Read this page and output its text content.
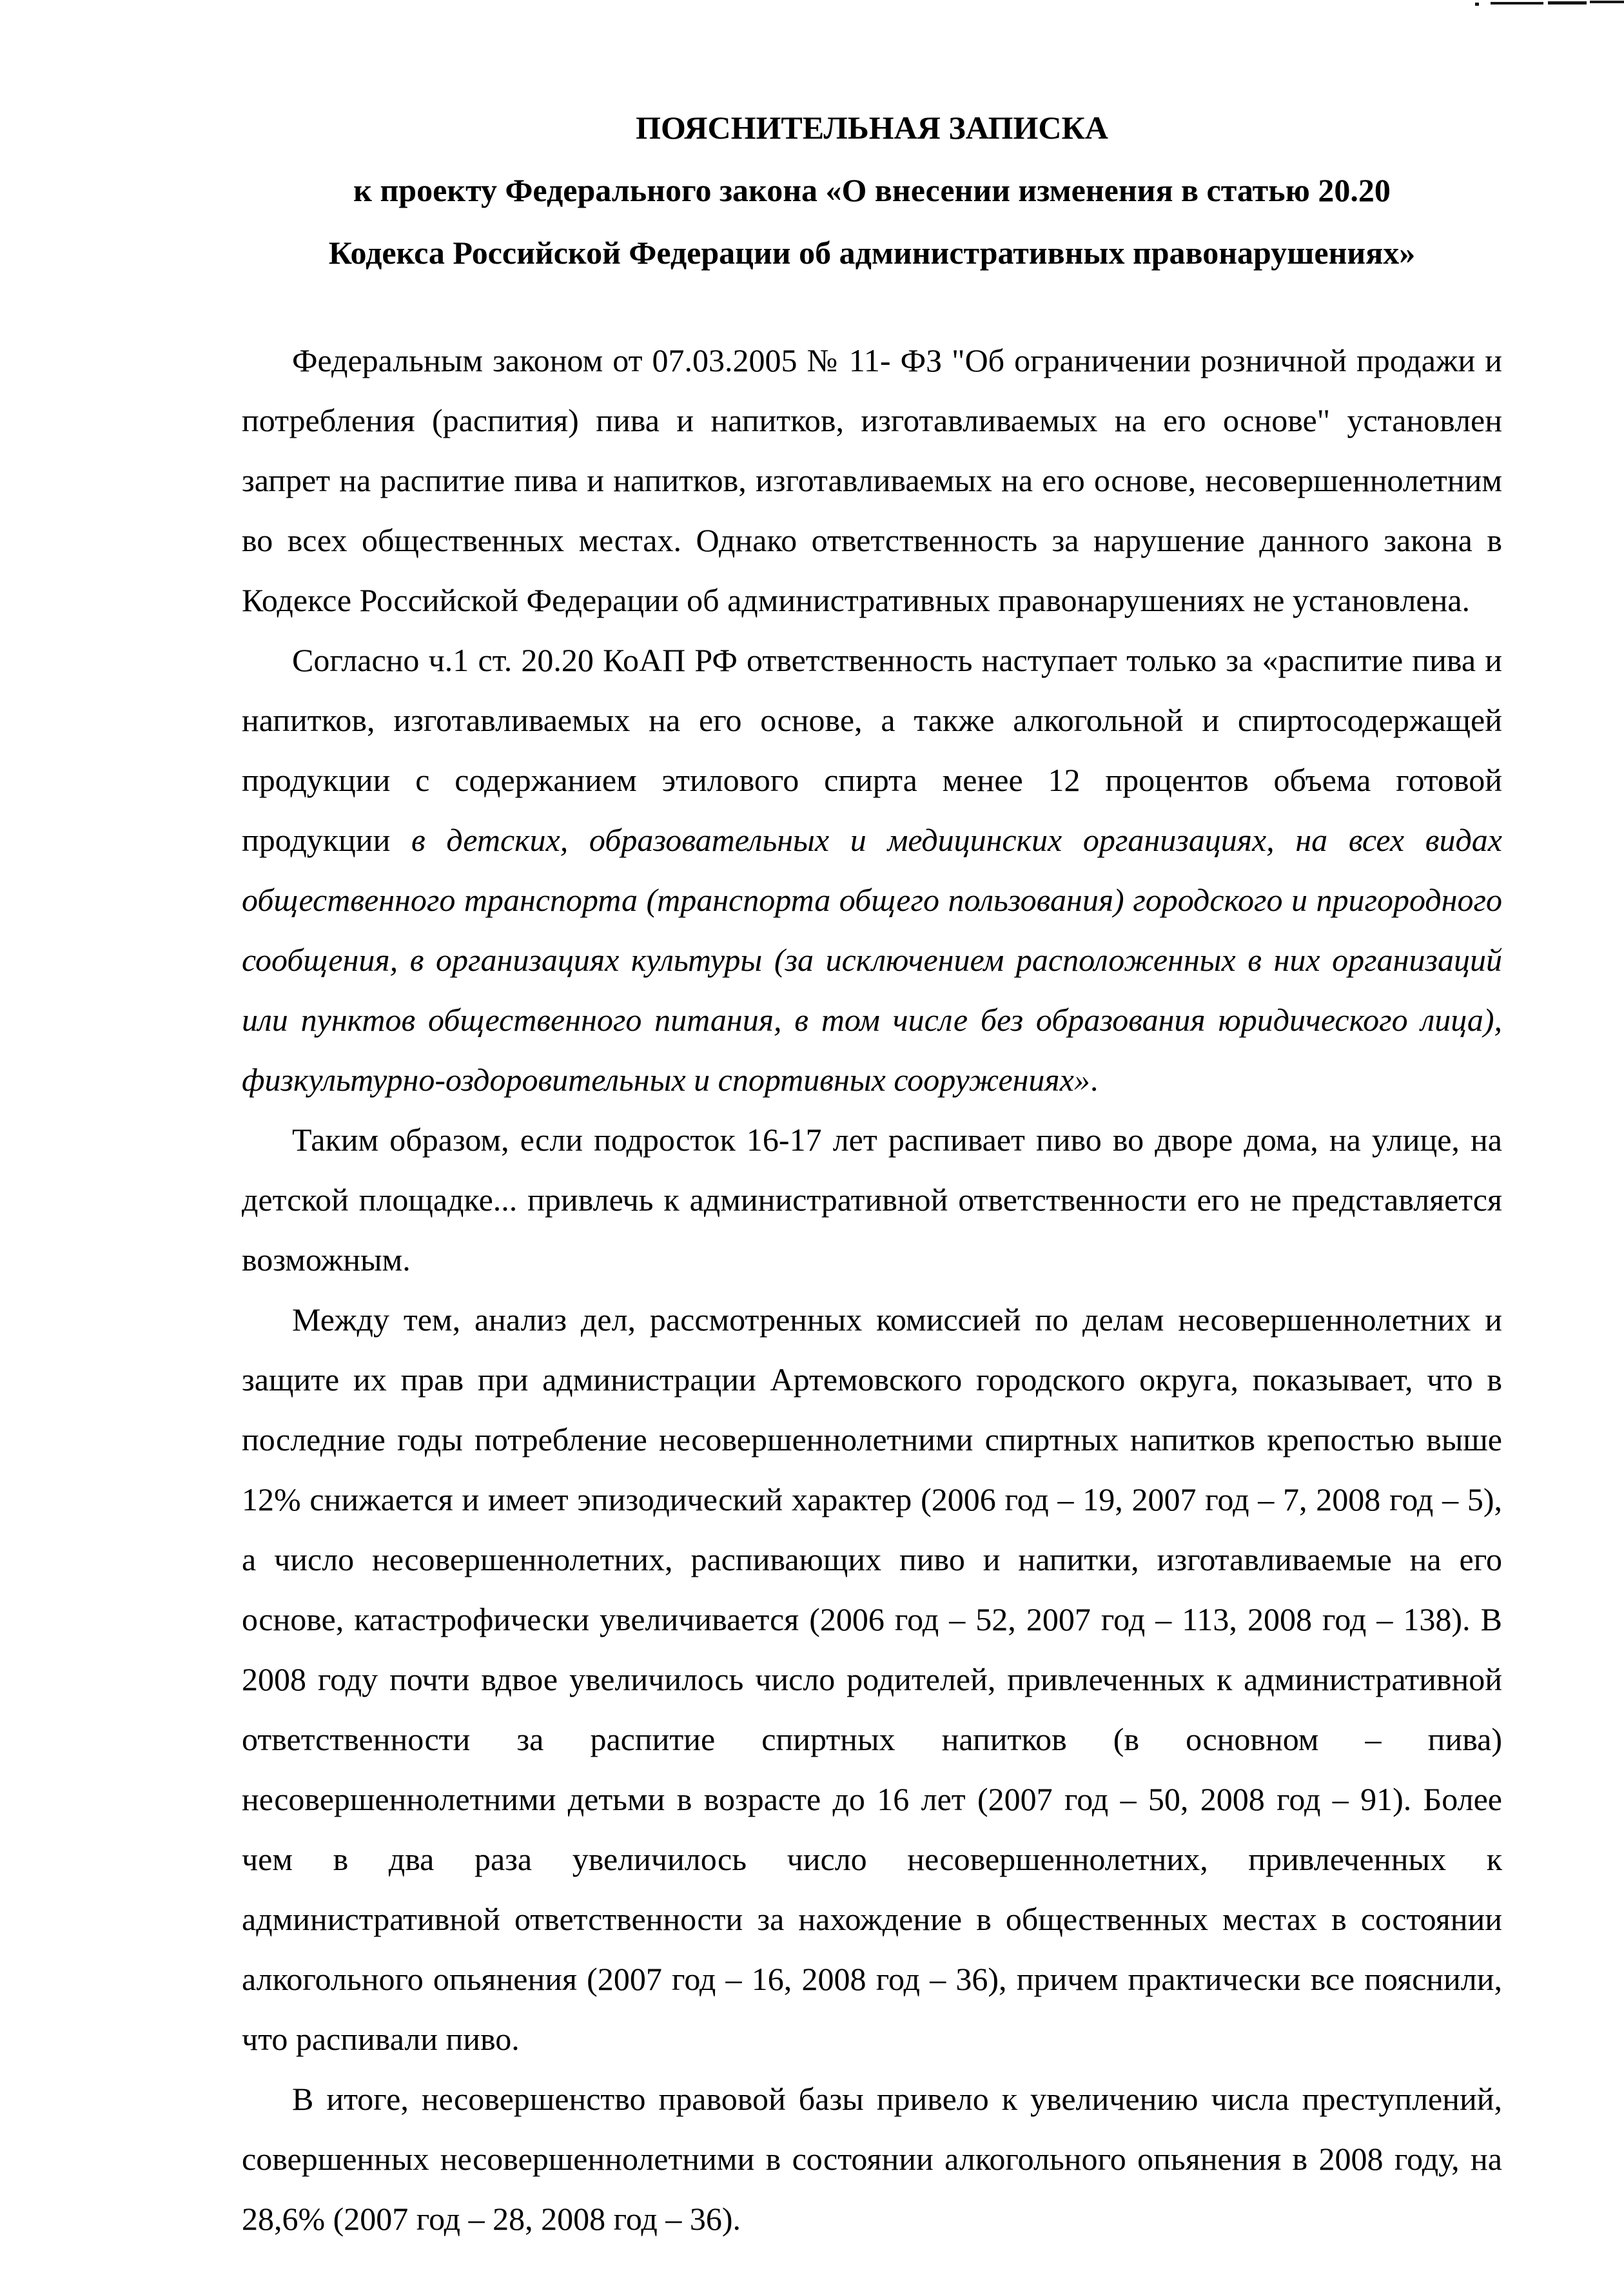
ПОЯСНИТЕЛЬНАЯ ЗАПИСКА
к проекту Федерального закона «О внесении изменения в статью 20.20
Кодекса Российской Федерации об административных правонарушениях»

Федеральным законом от 07.03.2005 № 11- ФЗ "Об ограничении розничной продажи и потребления (распития) пива и напитков, изготавливаемых на его основе" установлен запрет на распитие пива и напитков, изготавливаемых на его основе, несовершеннолетним во всех общественных местах. Однако ответственность за нарушение данного закона в Кодексе Российской Федерации об административных правонарушениях не установлена.

Согласно ч.1 ст. 20.20 КоАП РФ ответственность наступает только за «распитие пива и напитков, изготавливаемых на его основе, а также алкогольной и спиртосодержащей продукции с содержанием этилового спирта менее 12 процентов объема готовой продукции в детских, образовательных и медицинских организациях, на всех видах общественного транспорта (транспорта общего пользования) городского и пригородного сообщения, в организациях культуры (за исключением расположенных в них организаций или пунктов общественного питания, в том числе без образования юридического лица), физкультурно-оздоровительных и спортивных сооружениях».

Таким образом, если подросток 16-17 лет распивает пиво во дворе дома, на улице, на детской площадке... привлечь к административной ответственности его не представляется возможным.

Между тем, анализ дел, рассмотренных комиссией по делам несовершеннолетних и защите их прав при администрации Артемовского городского округа, показывает, что в последние годы потребление несовершеннолетними спиртных напитков крепостью выше 12% снижается и имеет эпизодический характер (2006 год – 19, 2007 год – 7, 2008 год – 5), а число несовершеннолетних, распивающих пиво и напитки, изготавливаемые на его основе, катастрофически увеличивается (2006 год – 52, 2007 год – 113, 2008 год – 138). В 2008 году почти вдвое увеличилось число родителей, привлеченных к административной ответственности за распитие спиртных напитков (в основном – пива) несовершеннолетними детьми в возрасте до 16 лет (2007 год – 50, 2008 год – 91). Более чем в два раза увеличилось число несовершеннолетних, привлеченных к административной ответственности за нахождение в общественных местах в состоянии алкогольного опьянения (2007 год – 16, 2008 год – 36), причем практически все пояснили, что распивали пиво.

В итоге, несовершенство правовой базы привело к увеличению числа преступлений, совершенных несовершеннолетними в состоянии алкогольного опьянения в 2008 году, на 28,6% (2007 год – 28, 2008 год – 36).
